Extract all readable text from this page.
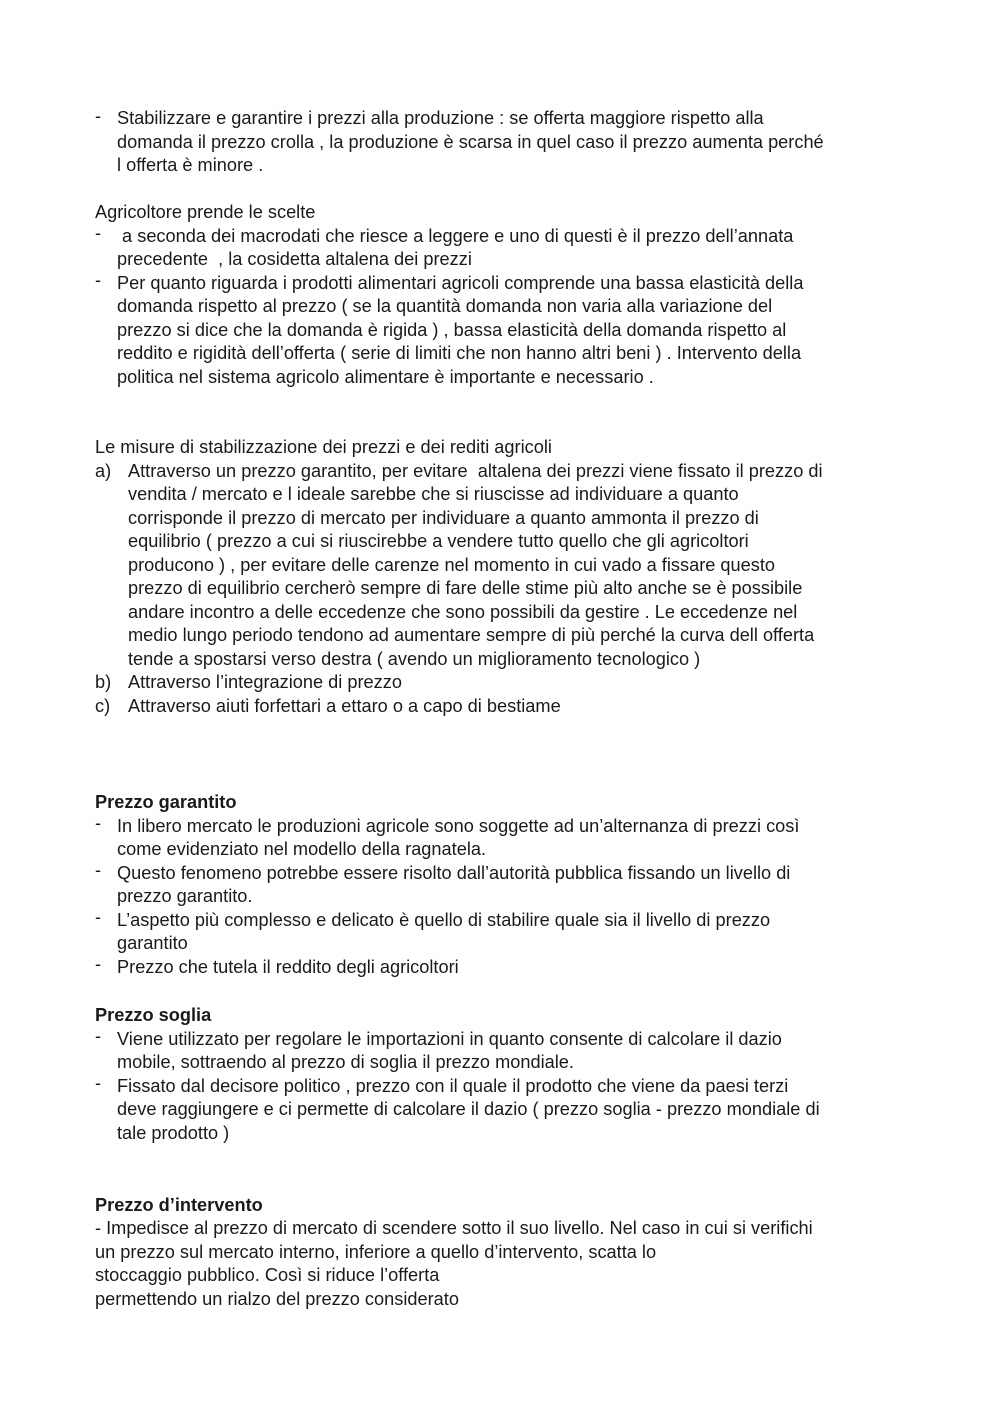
- Stabilizzare e garantire i prezzi alla produzione : se offerta maggiore rispetto alla
domanda il prezzo crolla , la produzione è scarsa in quel caso il prezzo aumenta perché
l offerta è minore .
Agricoltore prende le scelte
- a seconda dei macrodati che riesce a leggere e uno di questi è il prezzo dell’annata
precedente  , la cosidetta altalena dei prezzi
- Per quanto riguarda i prodotti alimentari agricoli comprende una bassa elasticità della
domanda rispetto al prezzo ( se la quantità domanda non varia alla variazione del
prezzo si dice che la domanda è rigida ) , bassa elasticità della domanda rispetto al
reddito e rigidità dell’offerta ( serie di limiti che non hanno altri beni ) . Intervento della
politica nel sistema agricolo alimentare è importante e necessario .
Le misure di stabilizzazione dei prezzi e dei rediti agricoli
a) Attraverso un prezzo garantito, per evitare  altalena dei prezzi viene fissato il prezzo di
vendita / mercato e l ideale sarebbe che si riuscisse ad individuare a quanto
corrisponde il prezzo di mercato per individuare a quanto ammonta il prezzo di
equilibrio ( prezzo a cui si riuscirebbe a vendere tutto quello che gli agricoltori
producono ) , per evitare delle carenze nel momento in cui vado a fissare questo
prezzo di equilibrio cercherò sempre di fare delle stime più alto anche se è possibile
andare incontro a delle eccedenze che sono possibili da gestire . Le eccedenze nel
medio lungo periodo tendono ad aumentare sempre di più perché la curva dell offerta
tende a spostarsi verso destra ( avendo un miglioramento tecnologico )
b) Attraverso l’integrazione di prezzo
c) Attraverso aiuti forfettari a ettaro o a capo di bestiame
Prezzo garantito
- In libero mercato le produzioni agricole sono soggette ad un’alternanza di prezzi così
come evidenziato nel modello della ragnatela.
- Questo fenomeno potrebbe essere risolto dall’autorità pubblica fissando un livello di
prezzo garantito.
- L’aspetto più complesso e delicato è quello di stabilire quale sia il livello di prezzo
garantito
- Prezzo che tutela il reddito degli agricoltori
Prezzo soglia
- Viene utilizzato per regolare le importazioni in quanto consente di calcolare il dazio
mobile, sottraendo al prezzo di soglia il prezzo mondiale.
- Fissato dal decisore politico , prezzo con il quale il prodotto che viene da paesi terzi
deve raggiungere e ci permette di calcolare il dazio ( prezzo soglia - prezzo mondiale di
tale prodotto )
Prezzo d’intervento
- Impedisce al prezzo di mercato di scendere sotto il suo livello. Nel caso in cui si verifichi
un prezzo sul mercato interno, inferiore a quello d’intervento, scatta lo
stoccaggio pubblico. Così si riduce l’offerta
permettendo un rialzo del prezzo considerato
